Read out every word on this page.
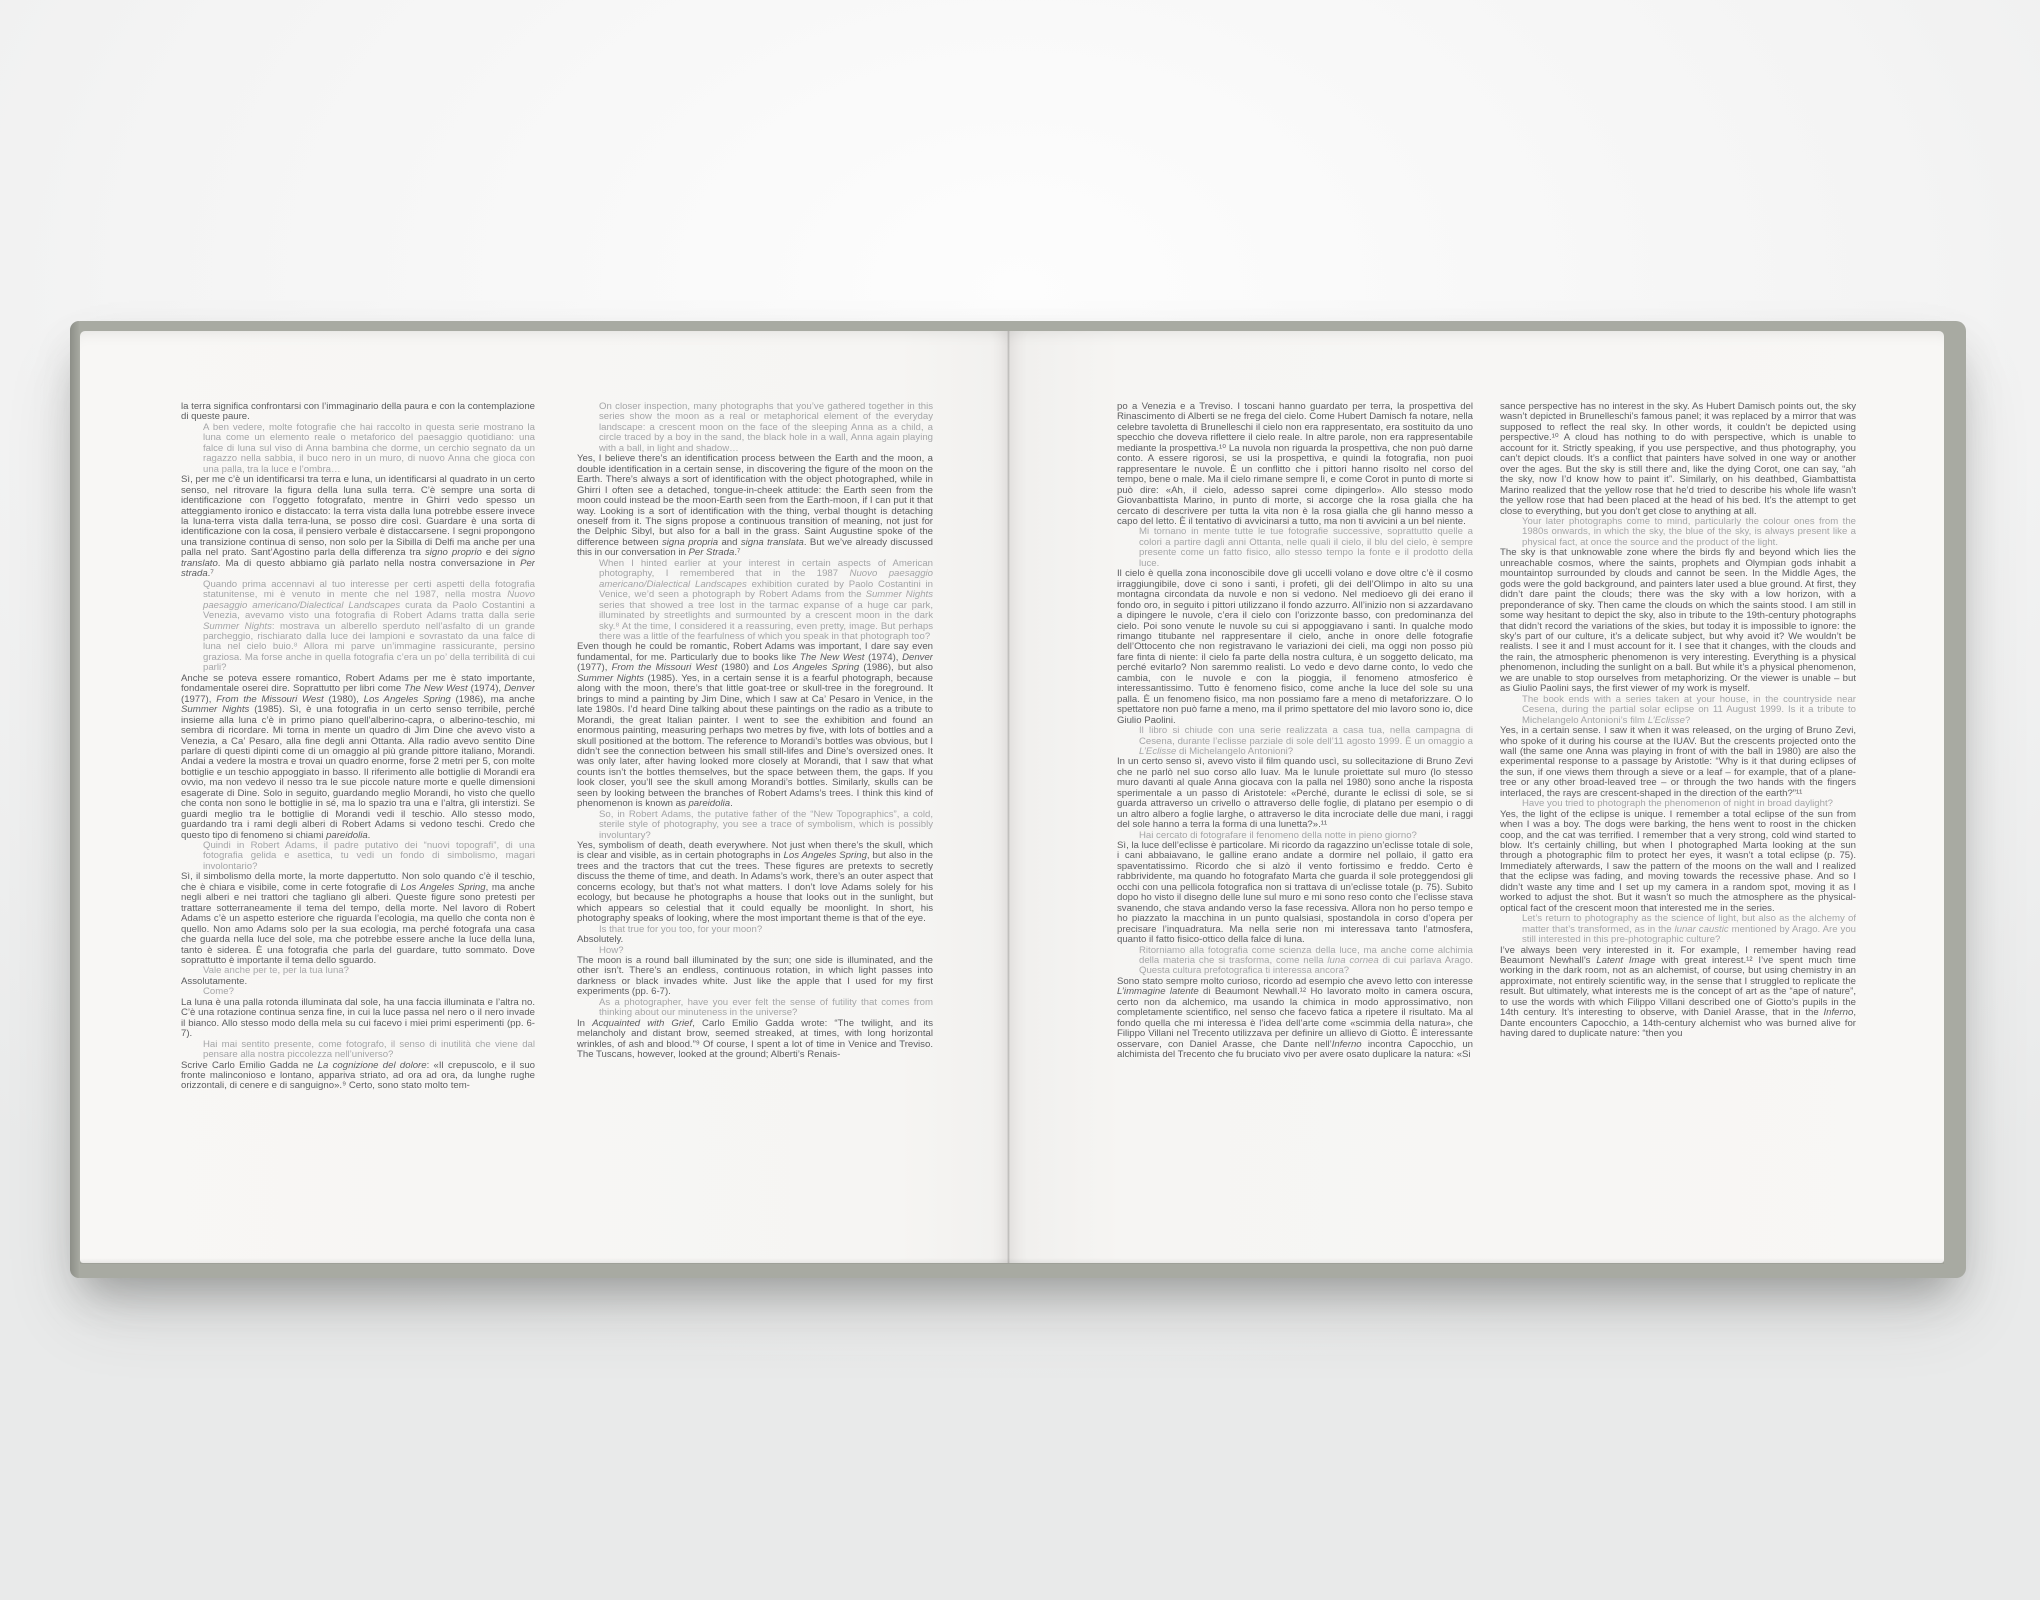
la terra significa confrontarsi con l’immaginario della paura e con la contemplazione di queste paure.

A ben vedere, molte fotografie che hai raccolto in questa serie mostrano la luna come un elemento reale o metaforico del paesaggio quotidiano: una falce di luna sul viso di Anna bambina che dorme, un cerchio segnato da un ragazzo nella sabbia, il buco nero in un muro, di nuovo Anna che gioca con una palla, tra la luce e l’ombra…

Sì, per me c’è un identificarsi tra terra e luna, un identificarsi al quadrato in un certo senso, nel ritrovare la figura della luna sulla terra. C’è sempre una sorta di identificazione con l’oggetto fotografato, mentre in Ghirri vedo spesso un atteggiamento ironico e distaccato: la terra vista dalla luna potrebbe essere invece la luna-terra vista dalla terra-luna, se posso dire così. Guardare è una sorta di identificazione con la cosa, il pensiero verbale è distaccarsene. I segni propongono una transizione continua di senso, non solo per la Sibilla di Delfi ma anche per una palla nel prato. Sant’Agostino parla della differenza tra signo proprio e dei signo translato. Ma di questo abbiamo già parlato nella nostra conversazione in Per strada.⁷

Quando prima accennavi al tuo interesse per certi aspetti della fotografia statunitense, mi è venuto in mente che nel 1987, nella mostra Nuovo paesaggio americano/Dialectical Landscapes curata da Paolo Costantini a Venezia, avevamo visto una fotografia di Robert Adams tratta dalla serie Summer Nights: mostrava un alberello sperduto nell’asfalto di un grande parcheggio, rischiarato dalla luce dei lampioni e sovrastato da una falce di luna nel cielo buio.⁸ Allora mi parve un’immagine rassicurante, persino graziosa. Ma forse anche in quella fotografia c’era un po’ della terribilità di cui parli?

Anche se poteva essere romantico, Robert Adams per me è stato importante, fondamentale oserei dire. Soprattutto per libri come The New West (1974), Denver (1977), From the Missouri West (1980), Los Angeles Spring (1986), ma anche Summer Nights (1985). Sì, è una fotografia in un certo senso terribile, perché insieme alla luna c’è in primo piano quell’alberino-capra, o alberino-teschio, mi sembra di ricordare. Mi torna in mente un quadro di Jim Dine che avevo visto a Venezia, a Ca’ Pesaro, alla fine degli anni Ottanta. Alla radio avevo sentito Dine parlare di questi dipinti come di un omaggio al più grande pittore italiano, Morandi. Andai a vedere la mostra e trovai un quadro enorme, forse 2 metri per 5, con molte bottiglie e un teschio appoggiato in basso. Il riferimento alle bottiglie di Morandi era ovvio, ma non vedevo il nesso tra le sue piccole nature morte e quelle dimensioni esagerate di Dine. Solo in seguito, guardando meglio Morandi, ho visto che quello che conta non sono le bottiglie in sé, ma lo spazio tra una e l’altra, gli interstizi. Se guardi meglio tra le bottiglie di Morandi vedi il teschio. Allo stesso modo, guardando tra i rami degli alberi di Robert Adams si vedono teschi. Credo che questo tipo di fenomeno si chiami pareidolia.

Quindi in Robert Adams, il padre putativo dei “nuovi topografi”, di una fotografia gelida e asettica, tu vedi un fondo di simbolismo, magari involontario?

Sì, il simbolismo della morte, la morte dappertutto. Non solo quando c’è il teschio, che è chiara e visibile, come in certe fotografie di Los Angeles Spring, ma anche negli alberi e nei trattori che tagliano gli alberi. Queste figure sono pretesti per trattare sotterraneamente il tema del tempo, della morte. Nel lavoro di Robert Adams c’è un aspetto esteriore che riguarda l’ecologia, ma quello che conta non è quello. Non amo Adams solo per la sua ecologia, ma perché fotografa una casa che guarda nella luce del sole, ma che potrebbe essere anche la luce della luna, tanto è siderea. È una fotografia che parla del guardare, tutto sommato. Dove soprattutto è importante il tema dello sguardo.

Vale anche per te, per la tua luna?

Assolutamente.

Come?

La luna è una palla rotonda illuminata dal sole, ha una faccia illuminata e l’altra no. C’è una rotazione continua senza fine, in cui la luce passa nel nero o il nero invade il bianco. Allo stesso modo della mela su cui facevo i miei primi esperimenti (pp. 6-7).

Hai mai sentito presente, come fotografo, il senso di inutilità che viene dal pensare alla nostra piccolezza nell’universo?

Scrive Carlo Emilio Gadda ne La cognizione del dolore: «Il crepuscolo, e il suo fronte malinconioso e lontano, appariva striato, ad ora ad ora, da lunghe rughe orizzontali, di cenere e di sanguigno».⁹ Certo, sono stato molto tem-

On closer inspection, many photographs that you’ve gathered together in this series show the moon as a real or metaphorical element of the everyday landscape: a crescent moon on the face of the sleeping Anna as a child, a circle traced by a boy in the sand, the black hole in a wall, Anna again playing with a ball, in light and shadow…

Yes, I believe there’s an identification process between the Earth and the moon, a double identification in a certain sense, in discovering the figure of the moon on the Earth. There’s always a sort of identification with the object photographed, while in Ghirri I often see a detached, tongue-in-cheek attitude: the Earth seen from the moon could instead be the moon-Earth seen from the Earth-moon, if I can put it that way. Looking is a sort of identification with the thing, verbal thought is detaching oneself from it. The signs propose a continuous transition of meaning, not just for the Delphic Sibyl, but also for a ball in the grass. Saint Augustine spoke of the difference between signa propria and signa translata. But we’ve already discussed this in our conversation in Per Strada.⁷

When I hinted earlier at your interest in certain aspects of American photography, I remembered that in the 1987 Nuovo paesaggio americano/Dialectical Landscapes exhibition curated by Paolo Costantini in Venice, we’d seen a photograph by Robert Adams from the Summer Nights series that showed a tree lost in the tarmac expanse of a huge car park, illuminated by streetlights and surmounted by a crescent moon in the dark sky.⁸ At the time, I considered it a reassuring, even pretty, image. But perhaps there was a little of the fearfulness of which you speak in that photograph too?

Even though he could be romantic, Robert Adams was important, I dare say even fundamental, for me. Particularly due to books like The New West (1974), Denver (1977), From the Missouri West (1980) and Los Angeles Spring (1986), but also Summer Nights (1985). Yes, in a certain sense it is a fearful photograph, because along with the moon, there’s that little goat-tree or skull-tree in the foreground. It brings to mind a painting by Jim Dine, which I saw at Ca’ Pesaro in Venice, in the late 1980s. I’d heard Dine talking about these paintings on the radio as a tribute to Morandi, the great Italian painter. I went to see the exhibition and found an enormous painting, measuring perhaps two metres by five, with lots of bottles and a skull positioned at the bottom. The reference to Morandi’s bottles was obvious, but I didn’t see the connection between his small still-lifes and Dine’s oversized ones. It was only later, after having looked more closely at Morandi, that I saw that what counts isn’t the bottles themselves, but the space between them, the gaps. If you look closer, you’ll see the skull among Morandi’s bottles. Similarly, skulls can be seen by looking between the branches of Robert Adams’s trees. I think this kind of phenomenon is known as pareidolia.

So, in Robert Adams, the putative father of the “New Topographics”, a cold, sterile style of photography, you see a trace of symbolism, which is possibly involuntary?

Yes, symbolism of death, death everywhere. Not just when there’s the skull, which is clear and visible, as in certain photographs in Los Angeles Spring, but also in the trees and the tractors that cut the trees. These figures are pretexts to secretly discuss the theme of time, and death. In Adams’s work, there’s an outer aspect that concerns ecology, but that’s not what matters. I don’t love Adams solely for his ecology, but because he photographs a house that looks out in the sunlight, but which appears so celestial that it could equally be moonlight. In short, his photography speaks of looking, where the most important theme is that of the eye.

Is that true for you too, for your moon?

Absolutely.

How?

The moon is a round ball illuminated by the sun; one side is illuminated, and the other isn’t. There’s an endless, continuous rotation, in which light passes into darkness or black invades white. Just like the apple that I used for my first experiments (pp. 6-7).

As a photographer, have you ever felt the sense of futility that comes from thinking about our minuteness in the universe?

In Acquainted with Grief, Carlo Emilio Gadda wrote: “The twilight, and its melancholy and distant brow, seemed streaked, at times, with long horizontal wrinkles, of ash and blood.”⁹ Of course, I spent a lot of time in Venice and Treviso. The Tuscans, however, looked at the ground; Alberti’s Renais-

po a Venezia e a Treviso. I toscani hanno guardato per terra, la prospettiva del Rinascimento di Alberti se ne frega del cielo. Come Hubert Damisch fa notare, nella celebre tavoletta di Brunelleschi il cielo non era rappresentato, era sostituito da uno specchio che doveva riflettere il cielo reale. In altre parole, non era rappresentabile mediante la prospettiva.¹⁰ La nuvola non riguarda la prospettiva, che non può darne conto. A essere rigorosi, se usi la prospettiva, e quindi la fotografia, non puoi rappresentare le nuvole. È un conflitto che i pittori hanno risolto nel corso del tempo, bene o male. Ma il cielo rimane sempre lì, e come Corot in punto di morte si può dire: «Ah, il cielo, adesso saprei come dipingerlo». Allo stesso modo Giovanbattista Marino, in punto di morte, si accorge che la rosa gialla che ha cercato di descrivere per tutta la vita non è la rosa gialla che gli hanno messo a capo del letto. È il tentativo di avvicinarsi a tutto, ma non ti avvicini a un bel niente.

Mi tornano in mente tutte le tue fotografie successive, soprattutto quelle a colori a partire dagli anni Ottanta, nelle quali il cielo, il blu del cielo, è sempre presente come un fatto fisico, allo stesso tempo la fonte e il prodotto della luce.

Il cielo è quella zona inconoscibile dove gli uccelli volano e dove oltre c’è il cosmo irraggiungibile, dove ci sono i santi, i profeti, gli dei dell’Olimpo in alto su una montagna circondata da nuvole e non si vedono. Nel medioevo gli dei erano il fondo oro, in seguito i pittori utilizzano il fondo azzurro. All’inizio non si azzardavano a dipingere le nuvole, c’era il cielo con l’orizzonte basso, con predominanza del cielo. Poi sono venute le nuvole su cui si appoggiavano i santi. In qualche modo rimango titubante nel rappresentare il cielo, anche in onore delle fotografie dell’Ottocento che non registravano le variazioni dei cieli, ma oggi non posso più fare finta di niente: il cielo fa parte della nostra cultura, è un soggetto delicato, ma perché evitarlo? Non saremmo realisti. Lo vedo e devo darne conto, lo vedo che cambia, con le nuvole e con la pioggia, il fenomeno atmosferico è interessantissimo. Tutto è fenomeno fisico, come anche la luce del sole su una palla. È un fenomeno fisico, ma non possiamo fare a meno di metaforizzare. O lo spettatore non può farne a meno, ma il primo spettatore del mio lavoro sono io, dice Giulio Paolini.

Il libro si chiude con una serie realizzata a casa tua, nella campagna di Cesena, durante l’eclisse parziale di sole dell’11 agosto 1999. È un omaggio a L’Eclisse di Michelangelo Antonioni?

In un certo senso sì, avevo visto il film quando uscì, su sollecitazione di Bruno Zevi che ne parlò nel suo corso allo Iuav. Ma le lunule proiettate sul muro (lo stesso muro davanti al quale Anna giocava con la palla nel 1980) sono anche la risposta sperimentale a un passo di Aristotele: «Perché, durante le eclissi di sole, se si guarda attraverso un crivello o attraverso delle foglie, di platano per esempio o di un altro albero a foglie larghe, o attraverso le dita incrociate delle due mani, i raggi del sole hanno a terra la forma di una lunetta?».¹¹

Hai cercato di fotografare il fenomeno della notte in pieno giorno?

Sì, la luce dell’eclisse è particolare. Mi ricordo da ragazzino un’eclisse totale di sole, i cani abbaiavano, le galline erano andate a dormire nel pollaio, il gatto era spaventatissimo. Ricordo che si alzò il vento fortissimo e freddo. Certo è rabbrividente, ma quando ho fotografato Marta che guarda il sole proteggendosi gli occhi con una pellicola fotografica non si trattava di un’eclisse totale (p. 75). Subito dopo ho visto il disegno delle lune sul muro e mi sono reso conto che l’eclisse stava svanendo, che stava andando verso la fase recessiva. Allora non ho perso tempo e ho piazzato la macchina in un punto qualsiasi, spostandola in corso d’opera per precisare l’inquadratura. Ma nella serie non mi interessava tanto l’atmosfera, quanto il fatto fisico-ottico della falce di luna.

Ritorniamo alla fotografia come scienza della luce, ma anche come alchimia della materia che si trasforma, come nella luna cornea di cui parlava Arago. Questa cultura prefotografica ti interessa ancora?

Sono stato sempre molto curioso, ricordo ad esempio che avevo letto con interesse L’immagine latente di Beaumont Newhall.¹² Ho lavorato molto in camera oscura, certo non da alchemico, ma usando la chimica in modo approssimativo, non completamente scientifico, nel senso che facevo fatica a ripetere il risultato. Ma al fondo quella che mi interessa è l’idea dell’arte come «scimmia della natura», che Filippo Villani nel Trecento utilizzava per definire un allievo di Giotto. È interessante osservare, con Daniel Arasse, che Dante nell’Inferno incontra Capocchio, un alchimista del Trecento che fu bruciato vivo per avere osato duplicare la natura: «Si

sance perspective has no interest in the sky. As Hubert Damisch points out, the sky wasn’t depicted in Brunelleschi’s famous panel; it was replaced by a mirror that was supposed to reflect the real sky. In other words, it couldn’t be depicted using perspective.¹⁰ A cloud has nothing to do with perspective, which is unable to account for it. Strictly speaking, if you use perspective, and thus photography, you can’t depict clouds. It’s a conflict that painters have solved in one way or another over the ages. But the sky is still there and, like the dying Corot, one can say, “ah the sky, now I’d know how to paint it”. Similarly, on his deathbed, Giambattista Marino realized that the yellow rose that he’d tried to describe his whole life wasn’t the yellow rose that had been placed at the head of his bed. It’s the attempt to get close to everything, but you don’t get close to anything at all.

Your later photographs come to mind, particularly the colour ones from the 1980s onwards, in which the sky, the blue of the sky, is always present like a physical fact, at once the source and the product of the light.

The sky is that unknowable zone where the birds fly and beyond which lies the unreachable cosmos, where the saints, prophets and Olympian gods inhabit a mountaintop surrounded by clouds and cannot be seen. In the Middle Ages, the gods were the gold background, and painters later used a blue ground. At first, they didn’t dare paint the clouds; there was the sky with a low horizon, with a preponderance of sky. Then came the clouds on which the saints stood. I am still in some way hesitant to depict the sky, also in tribute to the 19th-century photographs that didn’t record the variations of the skies, but today it is impossible to ignore: the sky’s part of our culture, it’s a delicate subject, but why avoid it? We wouldn’t be realists. I see it and I must account for it. I see that it changes, with the clouds and the rain, the atmospheric phenomenon is very interesting. Everything is a physical phenomenon, including the sunlight on a ball. But while it’s a physical phenomenon, we are unable to stop ourselves from metaphorizing. Or the viewer is unable – but as Giulio Paolini says, the first viewer of my work is myself.

The book ends with a series taken at your house, in the countryside near Cesena, during the partial solar eclipse on 11 August 1999. Is it a tribute to Michelangelo Antonioni’s film L’Eclisse?

Yes, in a certain sense. I saw it when it was released, on the urging of Bruno Zevi, who spoke of it during his course at the IUAV. But the crescents projected onto the wall (the same one Anna was playing in front of with the ball in 1980) are also the experimental response to a passage by Aristotle: “Why is it that during eclipses of the sun, if one views them through a sieve or a leaf – for example, that of a plane-tree or any other broad-leaved tree – or through the two hands with the fingers interlaced, the rays are crescent-shaped in the direction of the earth?”¹¹

Have you tried to photograph the phenomenon of night in broad daylight?

Yes, the light of the eclipse is unique. I remember a total eclipse of the sun from when I was a boy. The dogs were barking, the hens went to roost in the chicken coop, and the cat was terrified. I remember that a very strong, cold wind started to blow. It’s certainly chilling, but when I photographed Marta looking at the sun through a photographic film to protect her eyes, it wasn’t a total eclipse (p. 75). Immediately afterwards, I saw the pattern of the moons on the wall and I realized that the eclipse was fading, and moving towards the recessive phase. And so I didn’t waste any time and I set up my camera in a random spot, moving it as I worked to adjust the shot. But it wasn’t so much the atmosphere as the physical-optical fact of the crescent moon that interested me in the series.

Let’s return to photography as the science of light, but also as the alchemy of matter that’s transformed, as in the lunar caustic mentioned by Arago. Are you still interested in this pre-photographic culture?

I’ve always been very interested in it. For example, I remember having read Beaumont Newhall’s Latent Image with great interest.¹² I’ve spent much time working in the dark room, not as an alchemist, of course, but using chemistry in an approximate, not entirely scientific way, in the sense that I struggled to replicate the result. But ultimately, what interests me is the concept of art as the “ape of nature”, to use the words with which Filippo Villani described one of Giotto’s pupils in the 14th century. It’s interesting to observe, with Daniel Arasse, that in the Inferno, Dante encounters Capocchio, a 14th-century alchemist who was burned alive for having dared to duplicate nature: “then you
